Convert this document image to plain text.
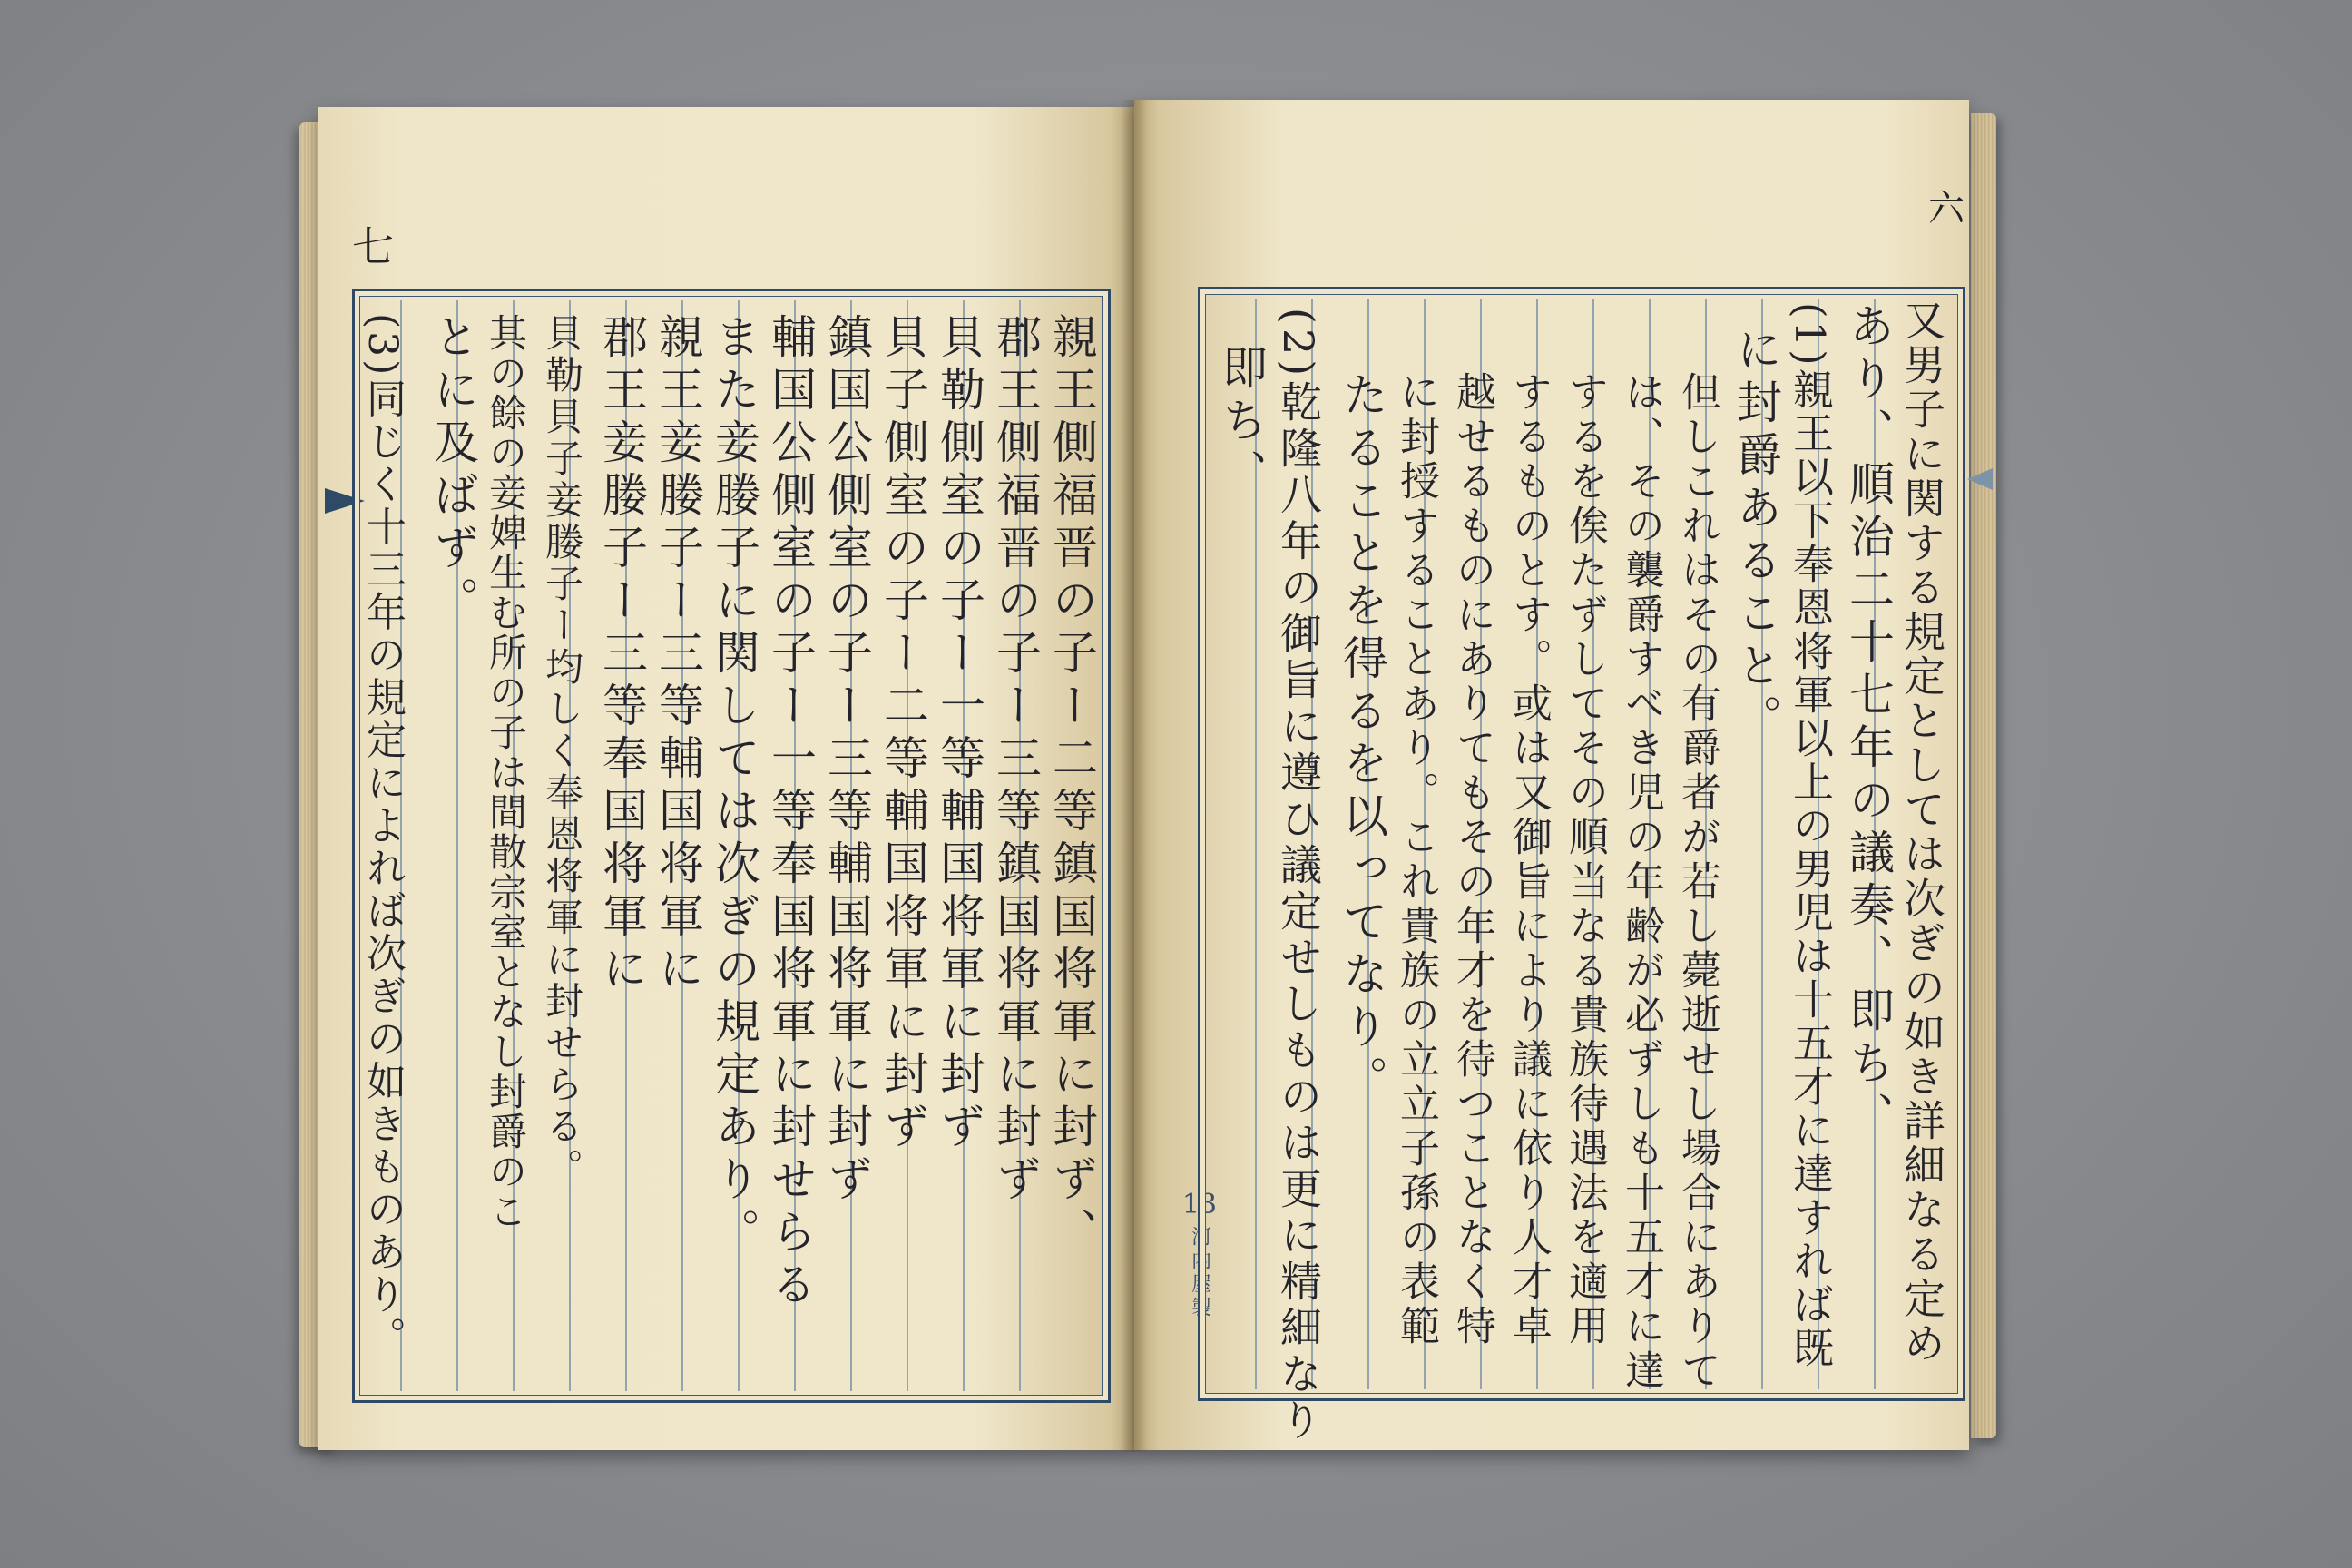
七
親王側福晋の子ー二等鎮国将軍に封ず、
郡王側福晋の子ー三等鎮国将軍に封ず
貝勒側室の子ー一等輔国将軍に封ず
貝子側室の子ー二等輔国将軍に封ず
鎮国公側室の子ー三等輔国将軍に封ず
輔国公側室の子ー一等奉国将軍に封せらる
また妾媵子に関しては次ぎの規定あり。
親王妾媵子ー三等輔国将軍に
郡王妾媵子ー三等奉国将軍に
貝勒貝子妾媵子ー均しく奉恩将軍に封せらる。
其の餘の妾婢生む所の子は間散宗室となし封爵のこ
とに及ばず。
(3)同じく十三年の規定によれば次ぎの如きものあり。
六
13
河内屋製	又男子に関する規定としては次ぎの如き詳細なる定め
あり、順治二十七年の議奏、即ち、
(1)親王以下奉恩将軍以上の男児は十五才に達すれば既
に封爵あること。
但しこれはその有爵者が若し薨逝せし場合にありて
は、その襲爵すべき児の年齢が必ずしも十五才に達
するを俟たずしてその順当なる貴族待遇法を適用
するものとす。或は又御旨により議に依り人才卓
越せるものにありてもその年才を待つことなく特
に封授することあり。これ貴族の立立子孫の表範
たることを得るを以ってなり。
(2)乾隆八年の御旨に遵ひ議定せしものは更に精細なり
即ち、
